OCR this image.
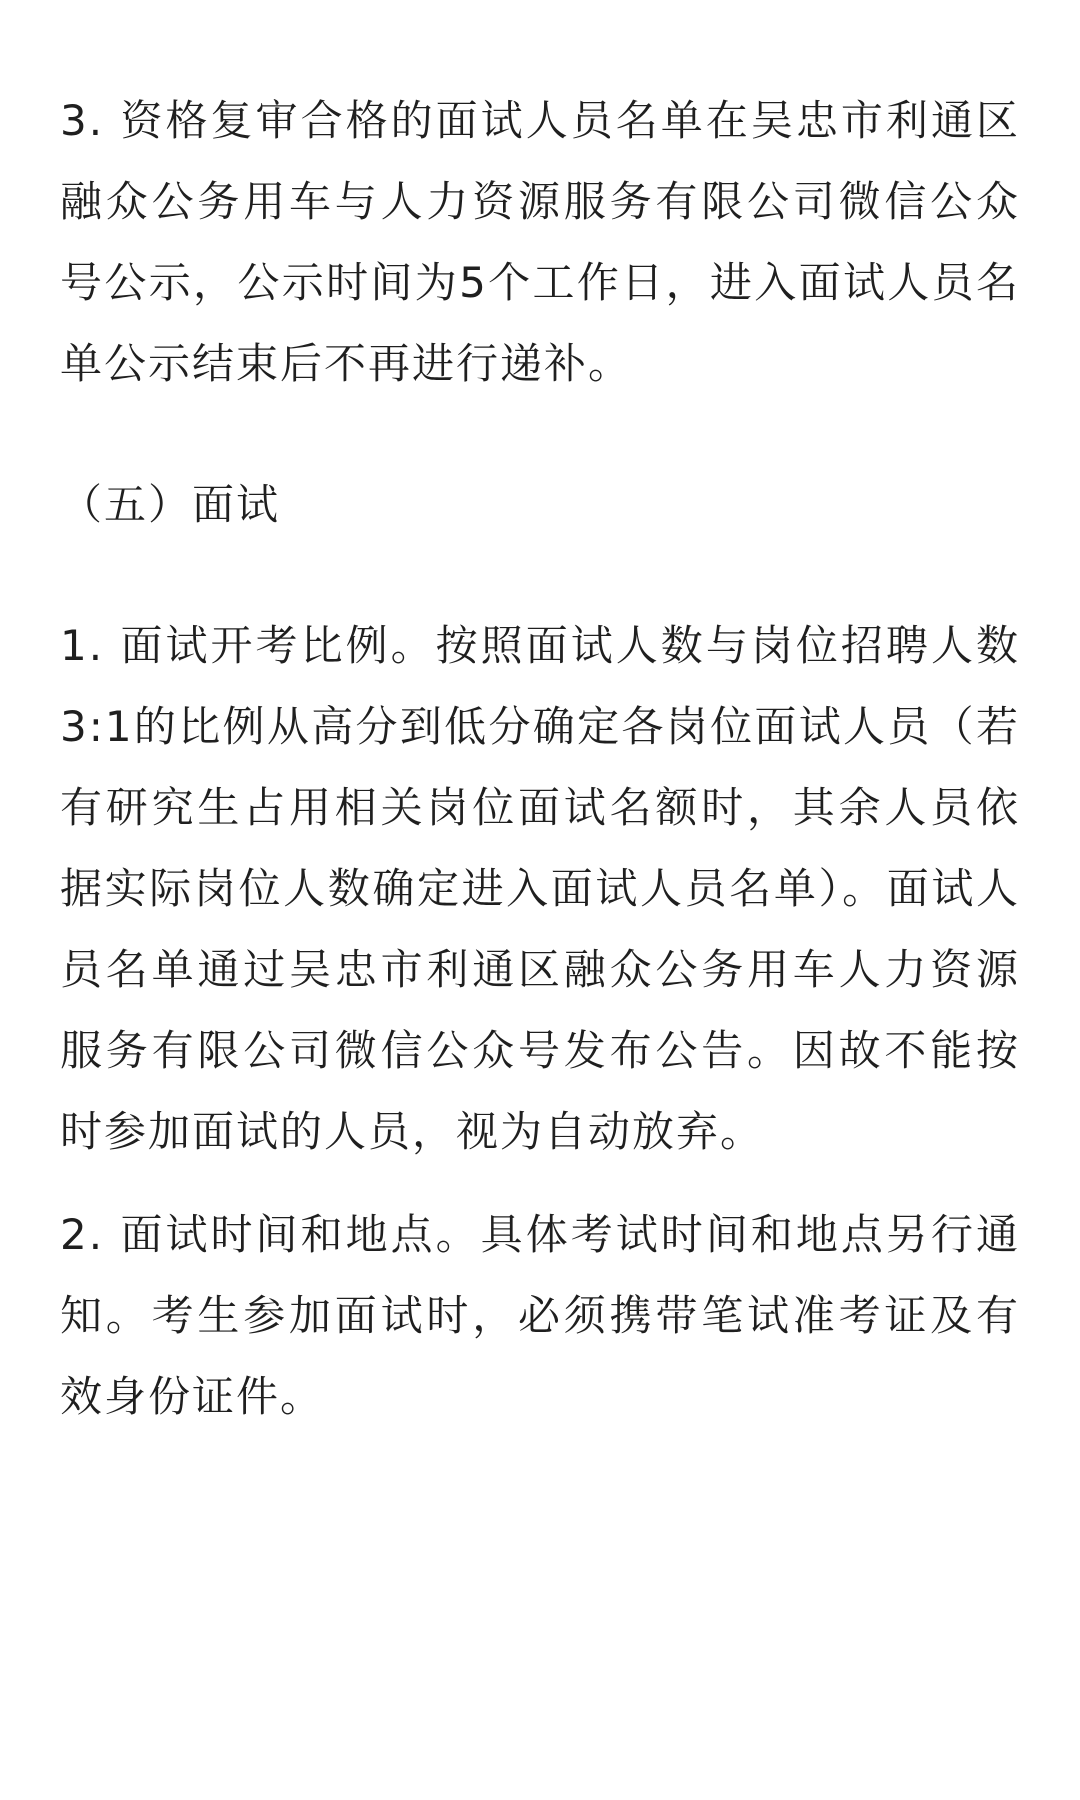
3. 资格复审合格的面试人员名单在吴忠市利通区融众公务用车与人力资源服务有限公司微信公众号公示，公示时间为5个工作日，进入面试人员名单公示结束后不再进行递补。

（五）面试

1. 面试开考比例。按照面试人数与岗位招聘人数3:1的比例从高分到低分确定各岗位面试人员（若有研究生占用相关岗位面试名额时，其余人员依据实际岗位人数确定进入面试人员名单）。面试人员名单通过吴忠市利通区融众公务用车人力资源服务有限公司微信公众号发布公告。因故不能按时参加面试的人员，视为自动放弃。

2. 面试时间和地点。具体考试时间和地点另行通知。考生参加面试时，必须携带笔试准考证及有效身份证件。
